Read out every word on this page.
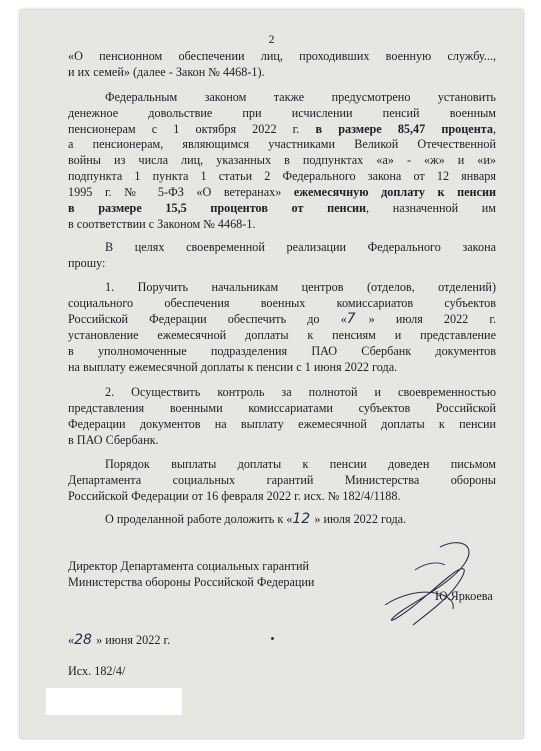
2
«О пенсионном обеспечении лиц, проходивших военную службу...,
и их семей» (далее - Закон № 4468-1).
Федеральным законом также предусмотрено установить
денежное довольствие при исчислении пенсий военным
пенсионерам с 1 октября 2022 г. в размере 85,47 процента,
а пенсионерам, являющимся участниками Великой Отечественной
войны из числа лиц, указанных в подпунктах «а» - «ж» и «и»
подпункта 1 пункта 1 статьи 2 Федерального закона от 12 января
1995 г. № 5-ФЗ «О ветеранах» ежемесячную доплату к пенсии
в размере 15,5 процентов от пенсии, назначенной им
в соответствии с Законом № 4468-1.
В целях своевременной реализации Федерального закона
прошу:
1. Поручить начальникам центров (отделов, отделений)
социального обеспечения военных комиссариатов субъектов
Российской Федерации обеспечить до «7 » июля 2022 г.
установление ежемесячной доплаты к пенсиям и представление
в уполномоченные подразделения ПАО Сбербанк документов
на выплату ежемесячной доплаты к пенсии с 1 июня 2022 года.
2. Осуществить контроль за полнотой и своевременностью
представления военными комиссариатами субъектов Российской
Федерации документов на выплату ежемесячной доплаты к пенсии
в ПАО Сбербанк.
Порядок выплаты доплаты к пенсии доведен письмом
Департамента социальных гарантий Министерства обороны
Российской Федерации от 16 февраля 2022 г. исх. № 182/4/1188.
О проделанной работе доложить к «12 » июля 2022 года.
Директор Департамента социальных гарантий
Министерства обороны Российской Федерации
Ю.Яркоева
«28 » июня 2022 г.
Исх. 182/4/
